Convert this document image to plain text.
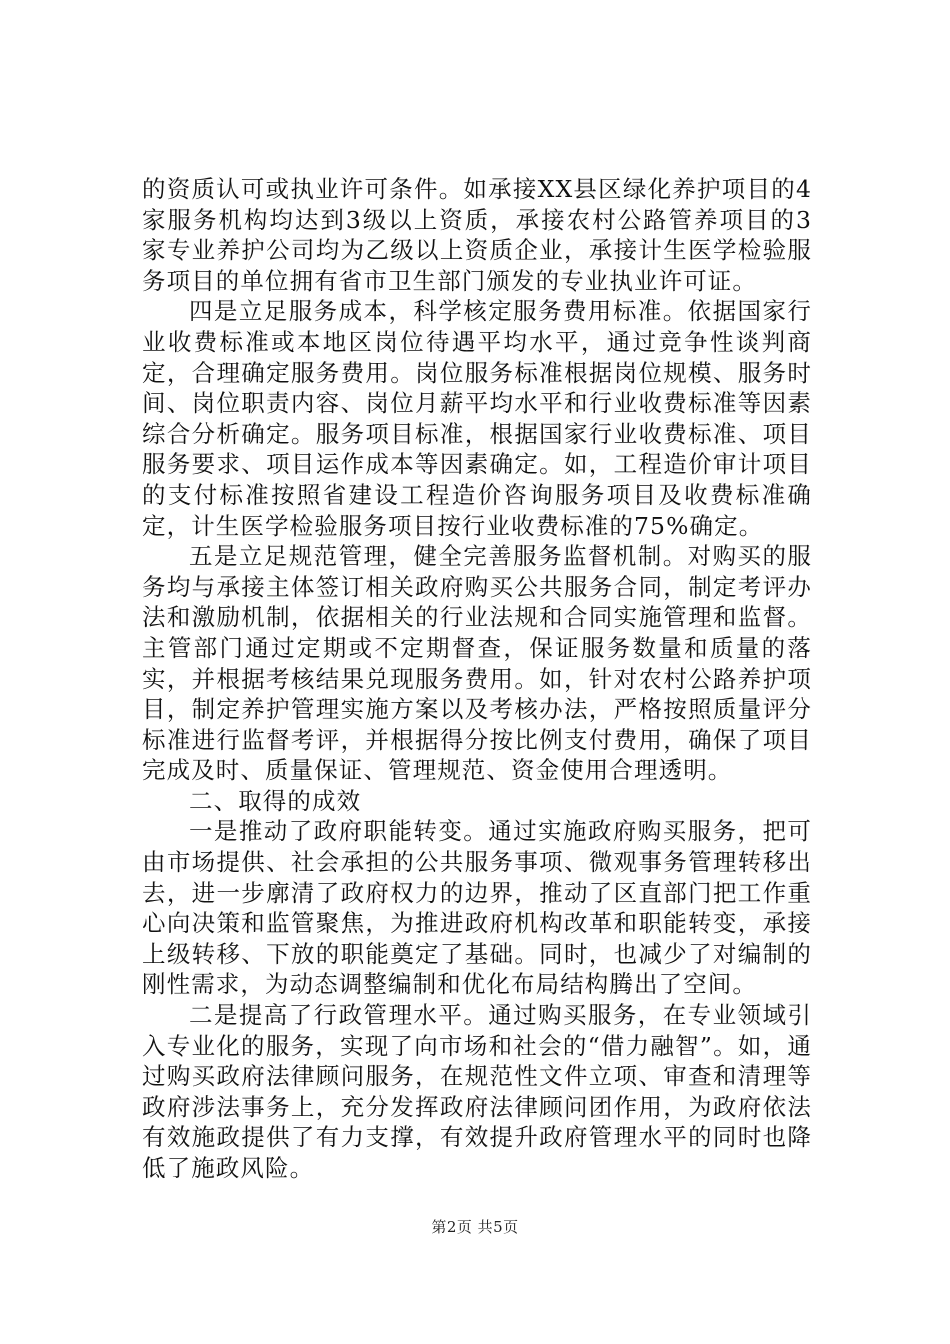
的资质认可或执业许可条件。如承接XX县区绿化养护项目的4家服务机构均达到3级以上资质，承接农村公路管养项目的3家专业养护公司均为乙级以上资质企业，承接计生医学检验服务项目的单位拥有省市卫生部门颁发的专业执业许可证。

四是立足服务成本，科学核定服务费用标准。依据国家行业收费标准或本地区岗位待遇平均水平，通过竞争性谈判商定，合理确定服务费用。岗位服务标准根据岗位规模、服务时间、岗位职责内容、岗位月薪平均水平和行业收费标准等因素综合分析确定。服务项目标准，根据国家行业收费标准、项目服务要求、项目运作成本等因素确定。如，工程造价审计项目的支付标准按照省建设工程造价咨询服务项目及收费标准确定，计生医学检验服务项目按行业收费标准的75%确定。

五是立足规范管理，健全完善服务监督机制。对购买的服务均与承接主体签订相关政府购买公共服务合同，制定考评办法和激励机制，依据相关的行业法规和合同实施管理和监督。主管部门通过定期或不定期督查，保证服务数量和质量的落实，并根据考核结果兑现服务费用。如，针对农村公路养护项目，制定养护管理实施方案以及考核办法，严格按照质量评分标准进行监督考评，并根据得分按比例支付费用，确保了项目完成及时、质量保证、管理规范、资金使用合理透明。

二、取得的成效

一是推动了政府职能转变。通过实施政府购买服务，把可由市场提供、社会承担的公共服务事项、微观事务管理转移出去，进一步廓清了政府权力的边界，推动了区直部门把工作重心向决策和监管聚焦，为推进政府机构改革和职能转变，承接上级转移、下放的职能奠定了基础。同时，也减少了对编制的刚性需求，为动态调整编制和优化布局结构腾出了空间。

二是提高了行政管理水平。通过购买服务，在专业领域引入专业化的服务，实现了向市场和社会的“借力融智”。如，通过购买政府法律顾问服务，在规范性文件立项、审查和清理等政府涉法事务上，充分发挥政府法律顾问团作用，为政府依法有效施政提供了有力支撑，有效提升政府管理水平的同时也降低了施政风险。

第2页 共5页
